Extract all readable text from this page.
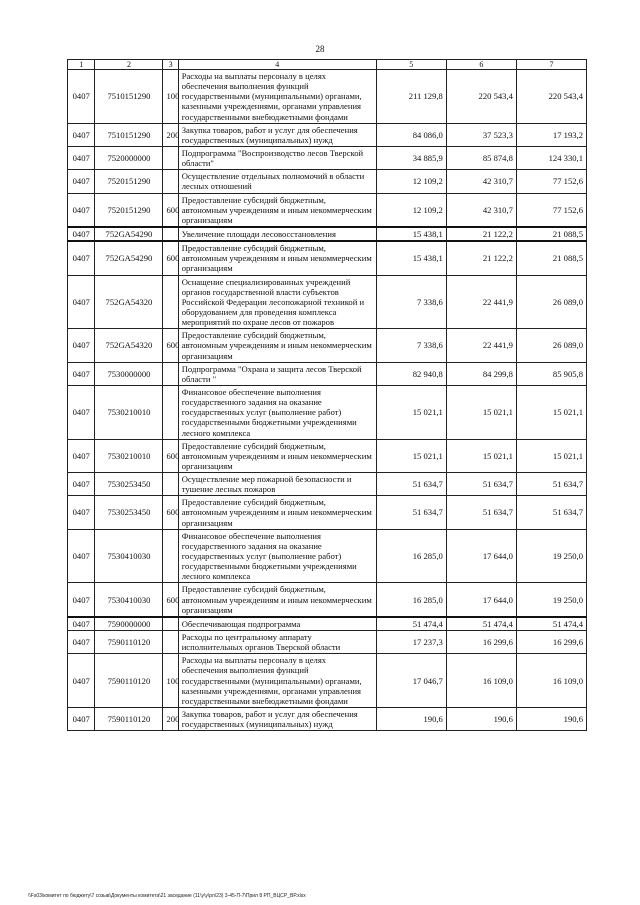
28
1	2	3	4	5	6	7
0407	7510151290	100	Расходы на выплаты персоналу в целях обеспечения выполнения функций государственными (муниципальными) органами, казенными учреждениями, органами управления государственными внебюджетными фондами	211 129,8	220 543,4	220 543,4
0407	7510151290	200	Закупка товаров, работ и услуг для обеспечения государственных (муниципальных) нужд	84 086,0	37 523,3	17 193,2
0407	7520000000		Подпрограмма "Воспроизводство лесов Тверской области"	34 885,9	85 874,8	124 330,1
0407	7520151290		Осуществление отдельных полномочий в области лесных отношений	12 109,2	42 310,7	77 152,6
0407	7520151290	600	Предоставление субсидий бюджетным, автономным учреждениям и иным некоммерческим организациям	12 109,2	42 310,7	77 152,6
0407	752GA54290		Увеличение площади лесовосстановления	15 438,1	21 122,2	21 088,5
0407	752GA54290	600	Предоставление субсидий бюджетным, автономным учреждениям и иным некоммерческим организациям	15 438,1	21 122,2	21 088,5
0407	752GA54320		Оснащение специализированных учреждений органов государственной власти субъектов Российской Федерации лесопожарной техникой и оборудованием для проведения комплекса мероприятий по охране лесов от пожаров	7 338,6	22 441,9	26 089,0
0407	752GA54320	600	Предоставление субсидий бюджетным, автономным учреждениям и иным некоммерческим организациям	7 338,6	22 441,9	26 089,0
0407	7530000000		Подпрограмма "Охрана и защита лесов Тверской области "	82 940,8	84 299,8	85 905,8
0407	7530210010		Финансовое обеспечение выполнения государственного задания на оказание государственных услуг (выполнение работ) государственными бюджетными учреждениями лесного комплекса	15 021,1	15 021,1	15 021,1
0407	7530210010	600	Предоставление субсидий бюджетным, автономным учреждениям и иным некоммерческим организациям	15 021,1	15 021,1	15 021,1
0407	7530253450		Осуществление мер пожарной безопасности и тушение лесных пожаров	51 634,7	51 634,7	51 634,7
0407	7530253450	600	Предоставление субсидий бюджетным, автономным учреждениям и иным некоммерческим организациям	51 634,7	51 634,7	51 634,7
0407	7530410030		Финансовое обеспечение выполнения государственного задания на оказание государственных услуг (выполнение работ) государственными бюджетными учреждениями лесного комплекса	16 285,0	17 644,0	19 250,0
0407	7530410030	600	Предоставление субсидий бюджетным, автономным учреждениям и иным некоммерческим организациям	16 285,0	17 644,0	19 250,0
0407	7590000000		Обеспечивающая подпрограмма	51 474,4	51 474,4	51 474,4
0407	7590110120		Расходы по центральному аппарату исполнительных органов Тверской области	17 237,3	16 299,6	16 299,6
0407	7590110120	100	Расходы на выплаты персоналу в целях обеспечения выполнения функций государственными (муниципальными) органами, казенными учреждениями, органами управления государственными внебюджетными фондами	17 046,7	16 109,0	16 109,0
0407	7590110120	200	Закупка товаров, работ и услуг для обеспечения государственных (муниципальных) нужд	190,6	190,6	190,6
\\Fs03\комитет по бюджету\7 созыв\Документы комитета\21 заседание (11\у\у\рл\23) 3-45-П-7\Прил 8 РП_ВЦСР_ВР.xlsx
